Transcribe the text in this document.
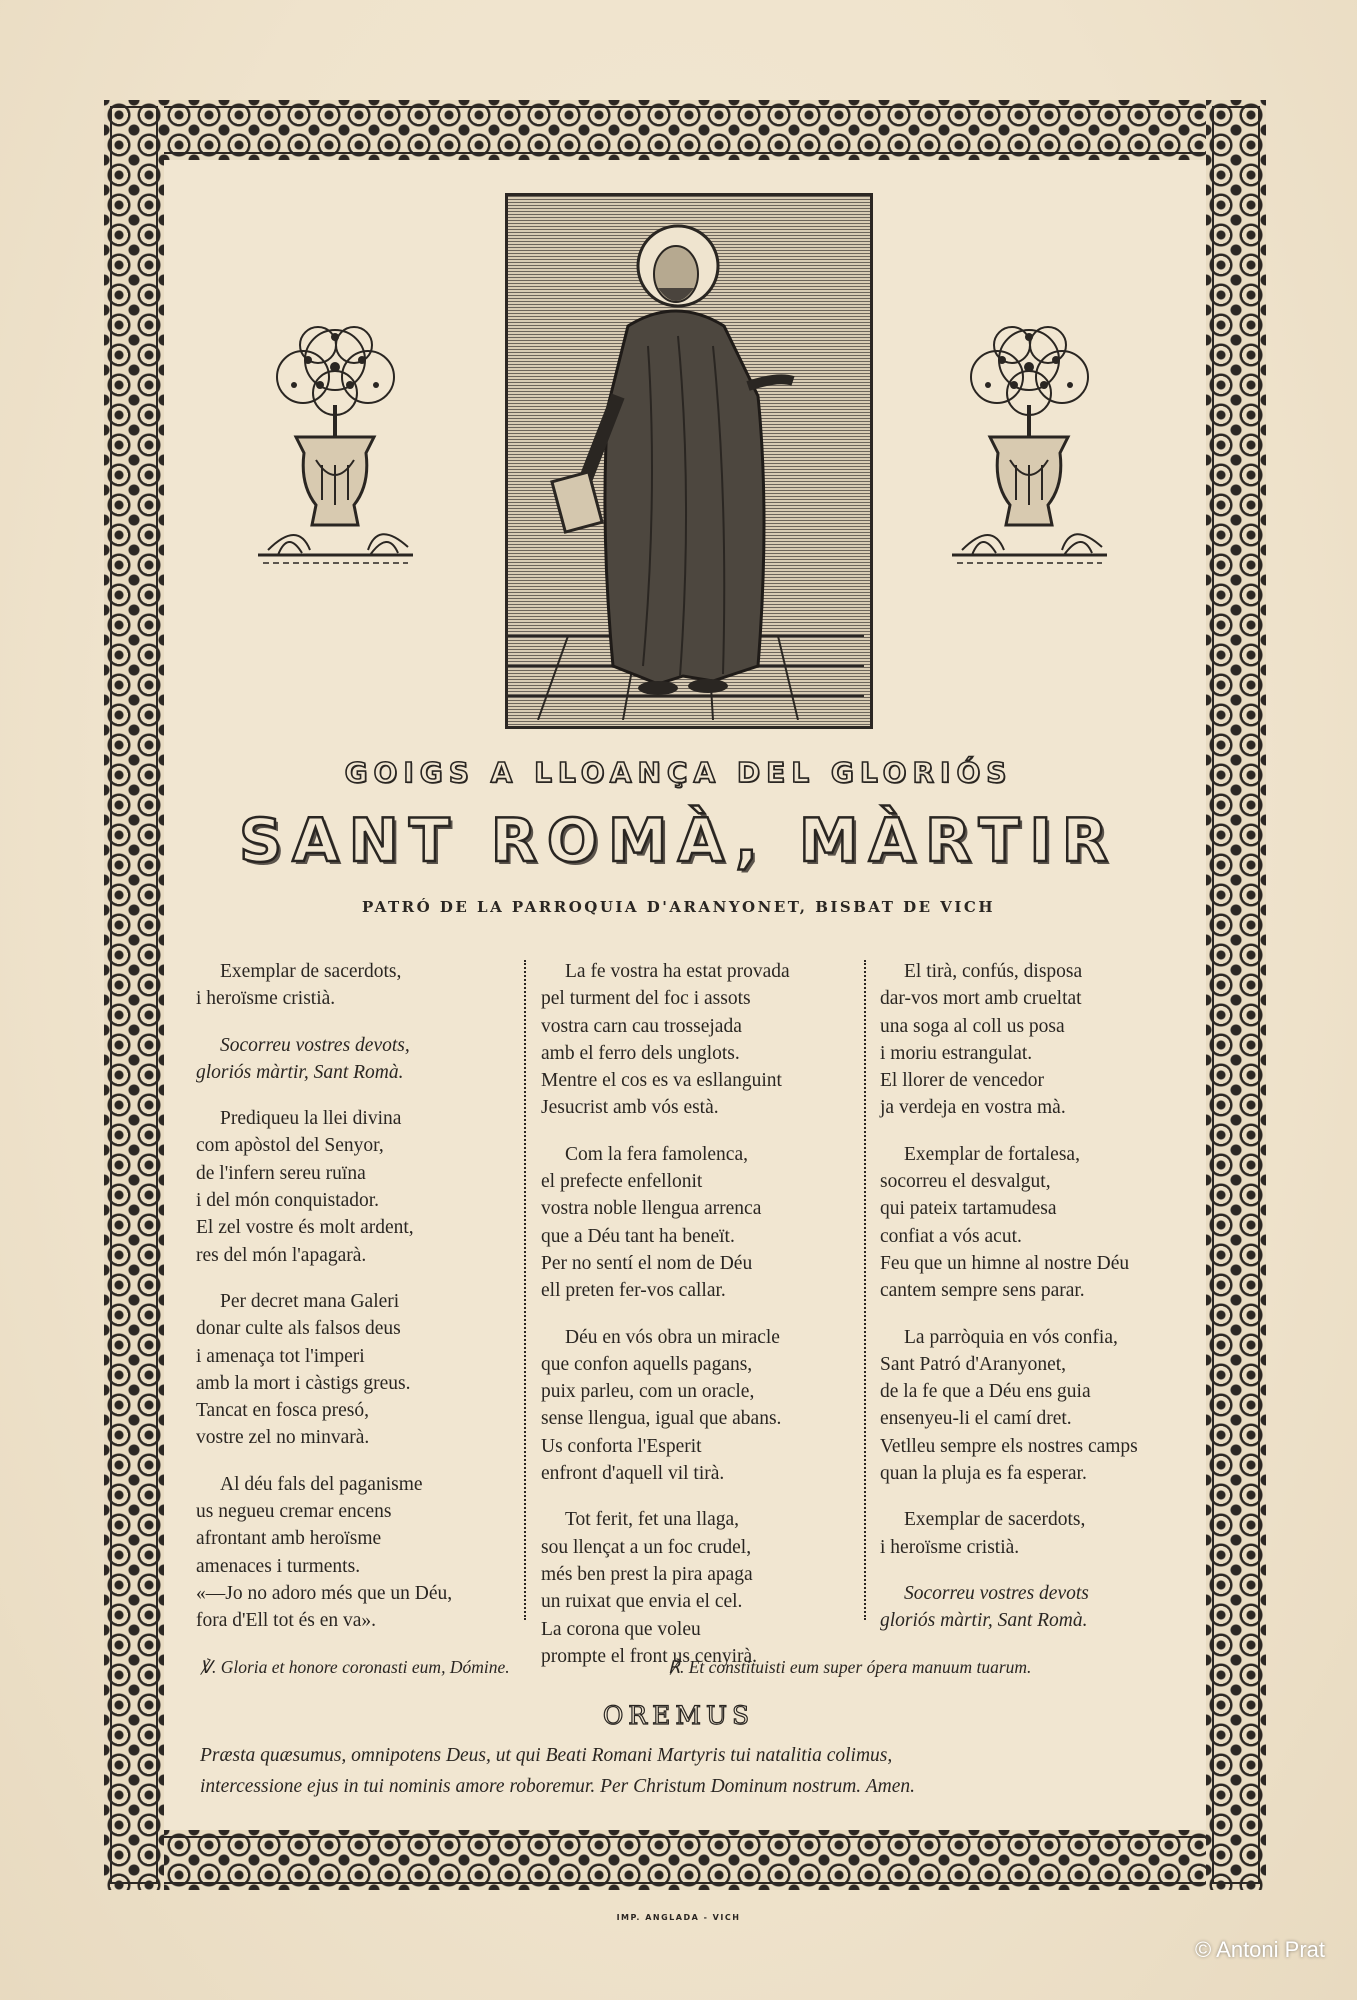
GOIGS A LLOANÇA DEL GLORIÓS
SANT ROMÀ, MÀRTIR
PATRÓ DE LA PARROQUIA D'ARANYONET, BISBAT DE VICH
Exemplar de sacerdots,
i heroïsme cristià.
Socorreu vostres devots,
gloriós màrtir, Sant Romà.
Prediqueu la llei divina
com apòstol del Senyor,
de l'infern sereu ruïna
i del món conquistador.
El zel vostre és molt ardent,
res del món l'apagarà.
Per decret mana Galeri
donar culte als falsos deus
i amenaça tot l'imperi
amb la mort i càstigs greus.
Tancat en fosca presó,
vostre zel no minvarà.
Al déu fals del paganisme
us negueu cremar encens
afrontant amb heroïsme
amenaces i turments.
«—Jo no adoro més que un Déu,
fora d'Ell tot és en va».
La fe vostra ha estat provada
pel turment del foc i assots
vostra carn cau trossejada
amb el ferro dels unglots.
Mentre el cos es va esllanguint
Jesucrist amb vós està.
Com la fera famolenca,
el prefecte enfellonit
vostra noble llengua arrenca
que a Déu tant ha beneït.
Per no sentí el nom de Déu
ell preten fer-vos callar.
Déu en vós obra un miracle
que confon aquells pagans,
puix parleu, com un oracle,
sense llengua, igual que abans.
Us conforta l'Esperit
enfront d'aquell vil tirà.
Tot ferit, fet una llaga,
sou llençat a un foc crudel,
més ben prest la pira apaga
un ruixat que envia el cel.
La corona que voleu
prompte el front us cenyirà.
El tirà, confús, disposa
dar-vos mort amb crueltat
una soga al coll us posa
i moriu estrangulat.
El llorer de vencedor
ja verdeja en vostra mà.
Exemplar de fortalesa,
socorreu el desvalgut,
qui pateix tartamudesa
confiat a vós acut.
Feu que un himne al nostre Déu
cantem sempre sens parar.
La parròquia en vós confia,
Sant Patró d'Aranyonet,
de la fe que a Déu ens guia
ensenyeu-li el camí dret.
Vetlleu sempre els nostres camps
quan la pluja es fa esperar.
Exemplar de sacerdots,
i heroïsme cristià.
Socorreu vostres devots
gloriós màrtir, Sant Romà.
℣. Gloria et honore coronasti eum, Dómine.	℟. Et constituisti eum super ópera manuum tuarum.
OREMUS
Præsta quæsumus, omnipotens Deus, ut qui Beati Romani Martyris tui natalitia colimus,
intercessione ejus in tui nominis amore roboremur. Per Christum Dominum nostrum. Amen.
IMP. ANGLADA - VICH
© Antoni Prat
